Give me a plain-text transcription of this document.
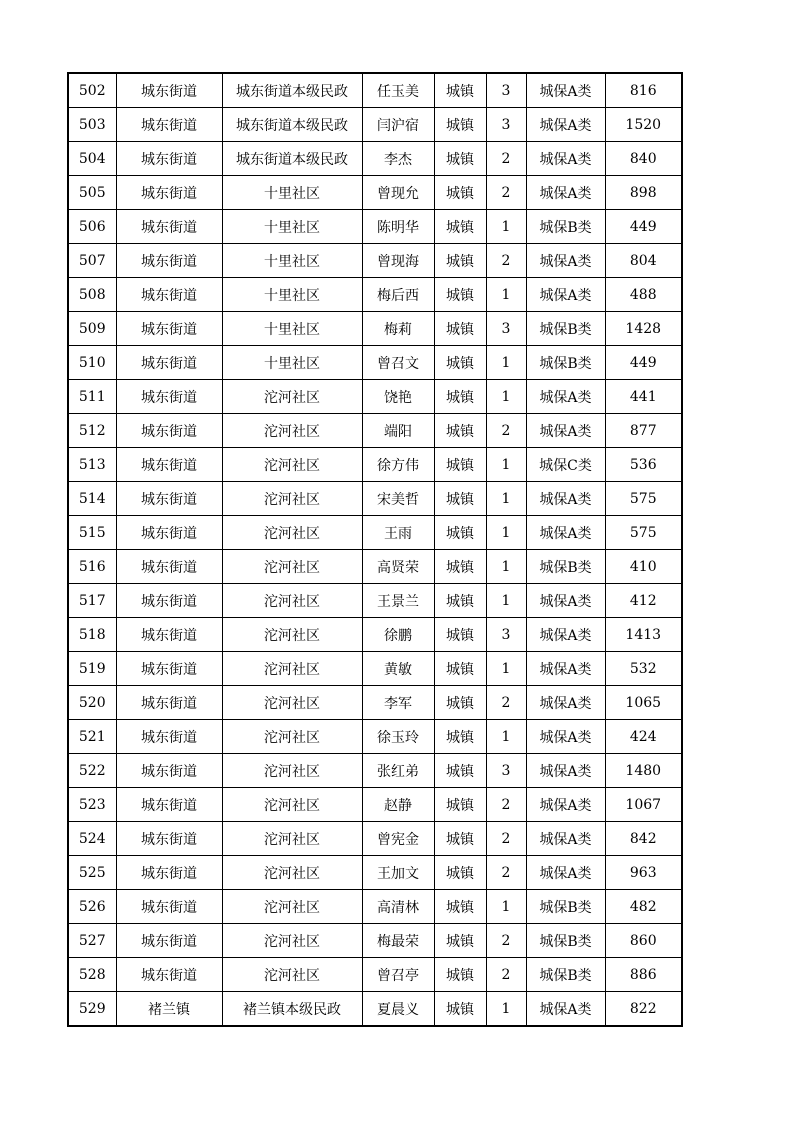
502	城东街道	城东街道本级民政	任玉美	城镇	3	城保A类	816
503	城东街道	城东街道本级民政	闫沪宿	城镇	3	城保A类	1520
504	城东街道	城东街道本级民政	李杰	城镇	2	城保A类	840
505	城东街道	十里社区	曾现允	城镇	2	城保A类	898
506	城东街道	十里社区	陈明华	城镇	1	城保B类	449
507	城东街道	十里社区	曾现海	城镇	2	城保A类	804
508	城东街道	十里社区	梅后西	城镇	1	城保A类	488
509	城东街道	十里社区	梅莉	城镇	3	城保B类	1428
510	城东街道	十里社区	曾召文	城镇	1	城保B类	449
511	城东街道	沱河社区	饶艳	城镇	1	城保A类	441
512	城东街道	沱河社区	端阳	城镇	2	城保A类	877
513	城东街道	沱河社区	徐方伟	城镇	1	城保C类	536
514	城东街道	沱河社区	宋美哲	城镇	1	城保A类	575
515	城东街道	沱河社区	王雨	城镇	1	城保A类	575
516	城东街道	沱河社区	高贤荣	城镇	1	城保B类	410
517	城东街道	沱河社区	王景兰	城镇	1	城保A类	412
518	城东街道	沱河社区	徐鹏	城镇	3	城保A类	1413
519	城东街道	沱河社区	黄敏	城镇	1	城保A类	532
520	城东街道	沱河社区	李军	城镇	2	城保A类	1065
521	城东街道	沱河社区	徐玉玲	城镇	1	城保A类	424
522	城东街道	沱河社区	张红弟	城镇	3	城保A类	1480
523	城东街道	沱河社区	赵静	城镇	2	城保A类	1067
524	城东街道	沱河社区	曾宪金	城镇	2	城保A类	842
525	城东街道	沱河社区	王加文	城镇	2	城保A类	963
526	城东街道	沱河社区	高清林	城镇	1	城保B类	482
527	城东街道	沱河社区	梅最荣	城镇	2	城保B类	860
528	城东街道	沱河社区	曾召亭	城镇	2	城保B类	886
529	褚兰镇	褚兰镇本级民政	夏晨义	城镇	1	城保A类	822
